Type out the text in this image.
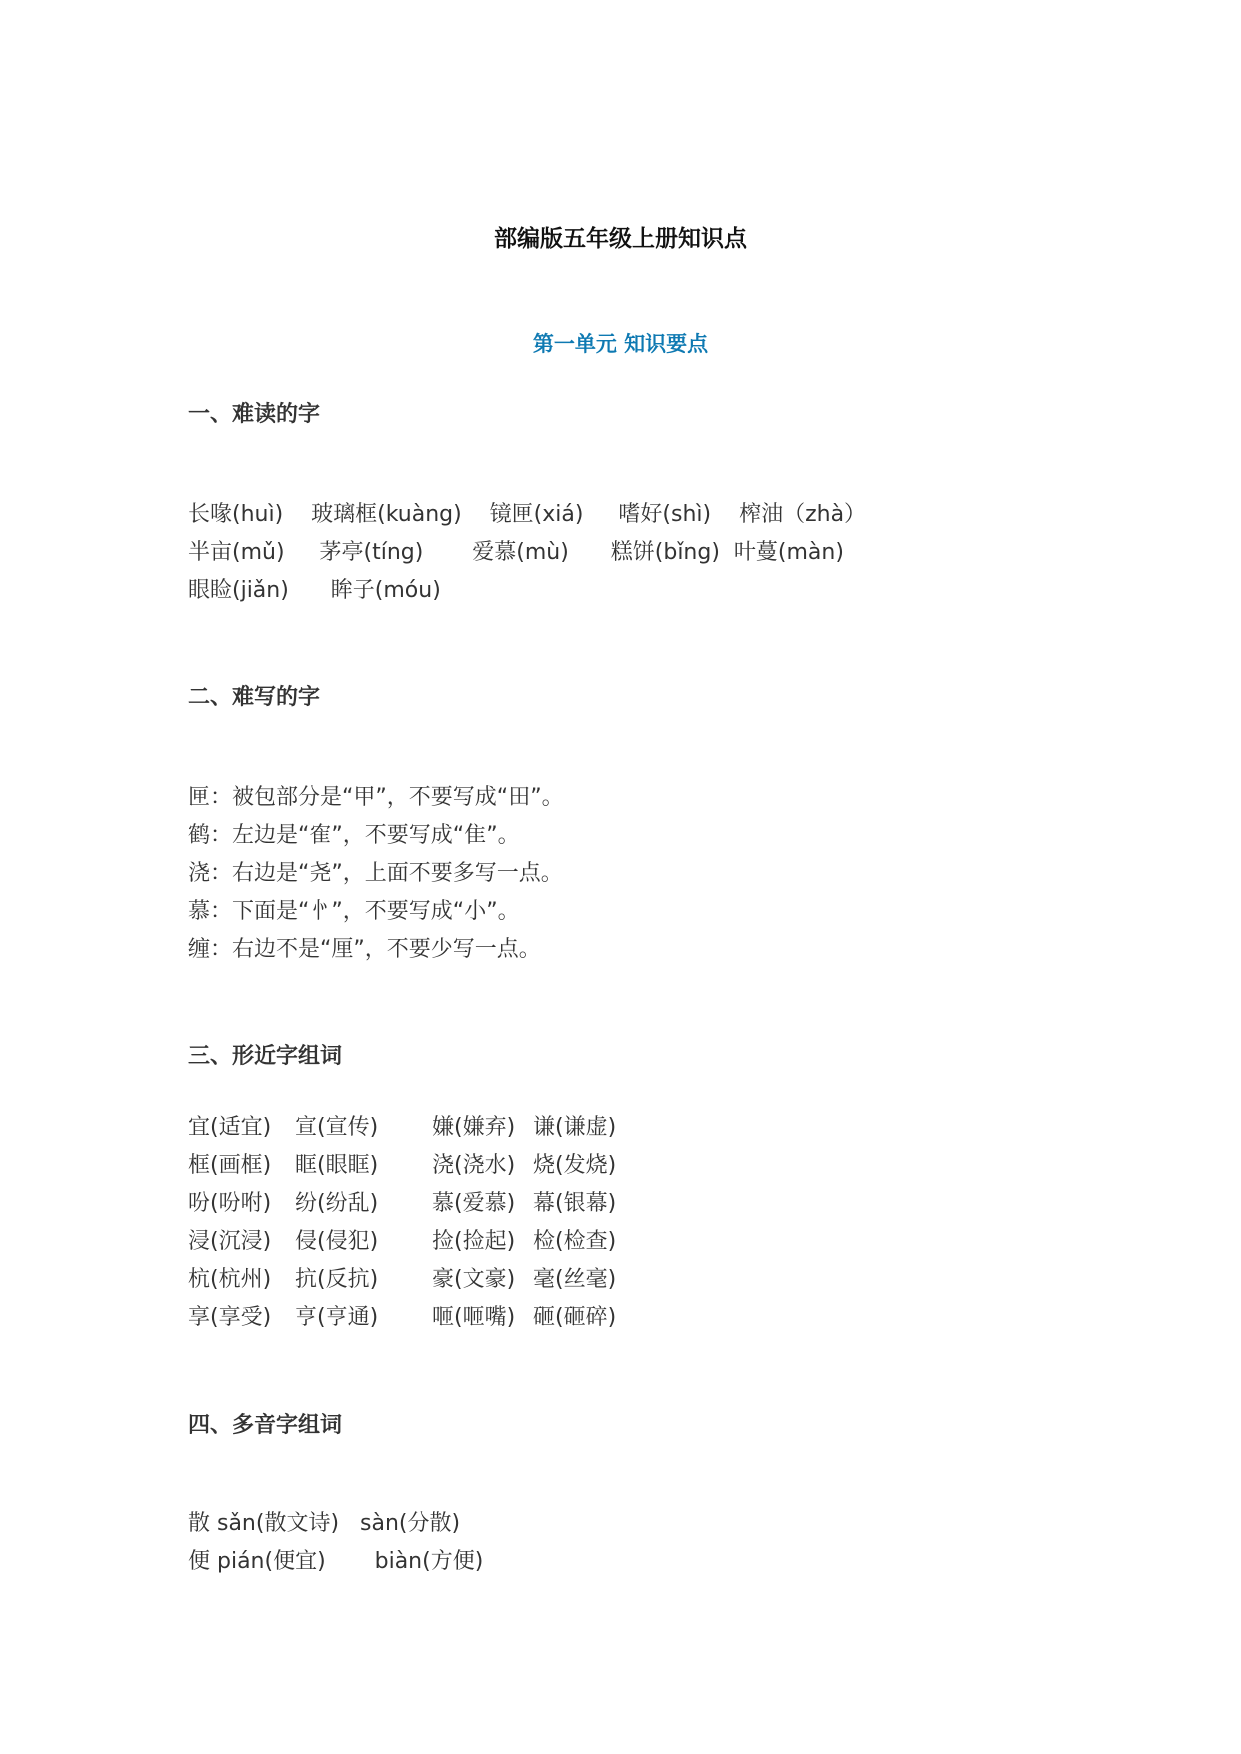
部编版五年级上册知识点
第一单元 知识要点
一、难读的字
长喙(huì)    玻璃框(kuàng)    镜匣(xiá)     嗜好(shì)    榨油（zhà）
半亩(mǔ)     茅亭(tíng)       爱慕(mù)      糕饼(bǐng)  叶蔓(màn)
眼睑(jiǎn)      眸子(móu)
二、难写的字
匣：被包部分是“甲”，不要写成“田”。
鹤：左边是“隺”，不要写成“隹”。
浇：右边是“尧”，上面不要多写一点。
慕：下面是“㣺”，不要写成“小”。
缠：右边不是“厘”，不要少写一点。
三、形近字组词
宜(适宜) 宣(宣传) 嫌(嫌弃) 谦(谦虚)
框(画框) 眶(眼眶) 浇(浇水) 烧(发烧)
吩(吩咐) 纷(纷乱) 慕(爱慕) 幕(银幕)
浸(沉浸) 侵(侵犯) 捡(捡起) 检(检查)
杭(杭州) 抗(反抗) 豪(文豪) 毫(丝毫)
享(享受) 亨(亨通) 咂(咂嘴) 砸(砸碎)
四、多音字组词
散 sǎn(散文诗)   sàn(分散)
便 pián(便宜)       biàn(方便)
